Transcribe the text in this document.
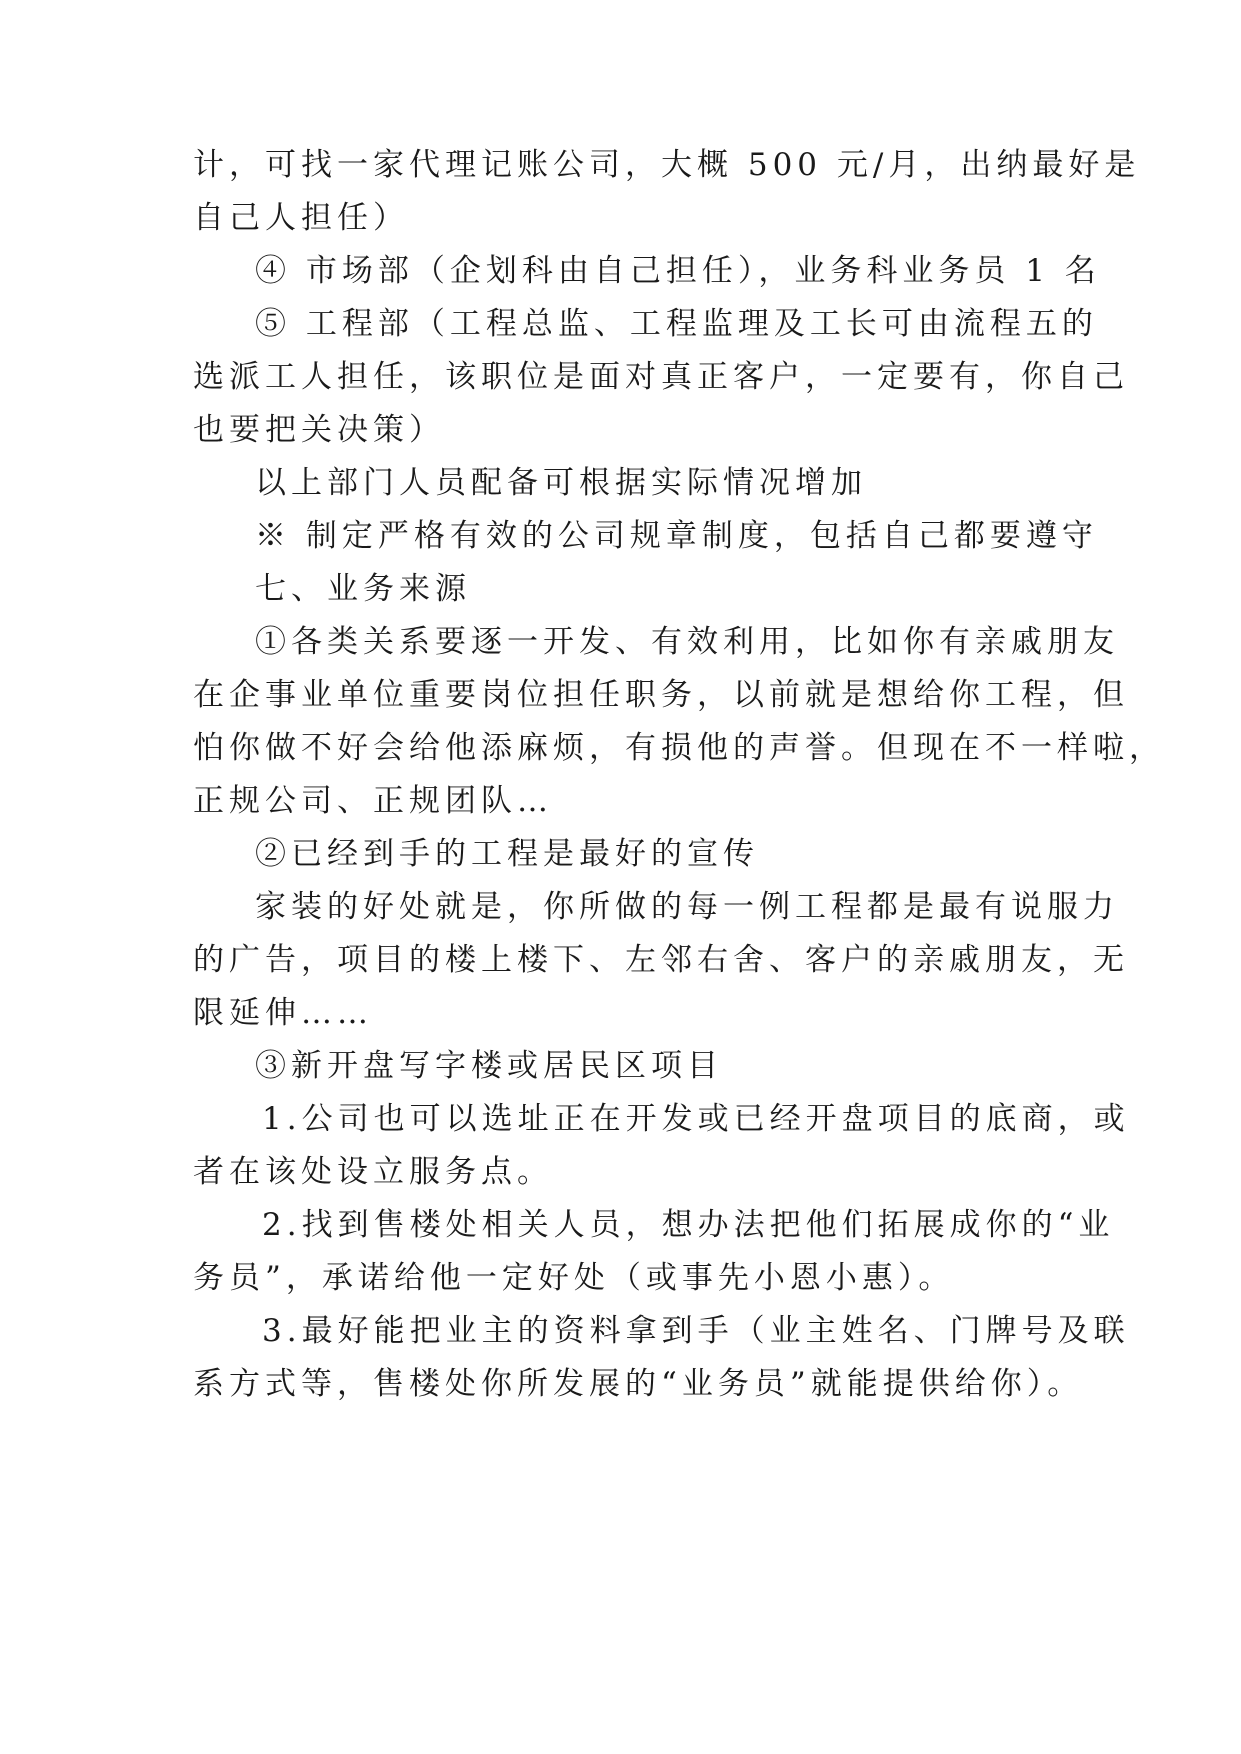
计，可找一家代理记账公司，大概 500 元/月，出纳最好是
自己人担任）
④ 市场部（企划科由自己担任），业务科业务员 1 名
⑤ 工程部（工程总监、工程监理及工长可由流程五的
选派工人担任，该职位是面对真正客户，一定要有，你自己
也要把关决策）
以上部门人员配备可根据实际情况增加
※ 制定严格有效的公司规章制度，包括自己都要遵守
七、业务来源
①各类关系要逐一开发、有效利用，比如你有亲戚朋友
在企事业单位重要岗位担任职务，以前就是想给你工程，但
怕你做不好会给他添麻烦，有损他的声誉。但现在不一样啦，
正规公司、正规团队…
②已经到手的工程是最好的宣传
家装的好处就是，你所做的每一例工程都是最有说服力
的广告，项目的楼上楼下、左邻右舍、客户的亲戚朋友，无
限延伸……
③新开盘写字楼或居民区项目
1.公司也可以选址正在开发或已经开盘项目的底商，或
者在该处设立服务点。
2.找到售楼处相关人员，想办法把他们拓展成你的“业
务员”，承诺给他一定好处（或事先小恩小惠）。
3.最好能把业主的资料拿到手（业主姓名、门牌号及联
系方式等，售楼处你所发展的“业务员”就能提供给你）。
